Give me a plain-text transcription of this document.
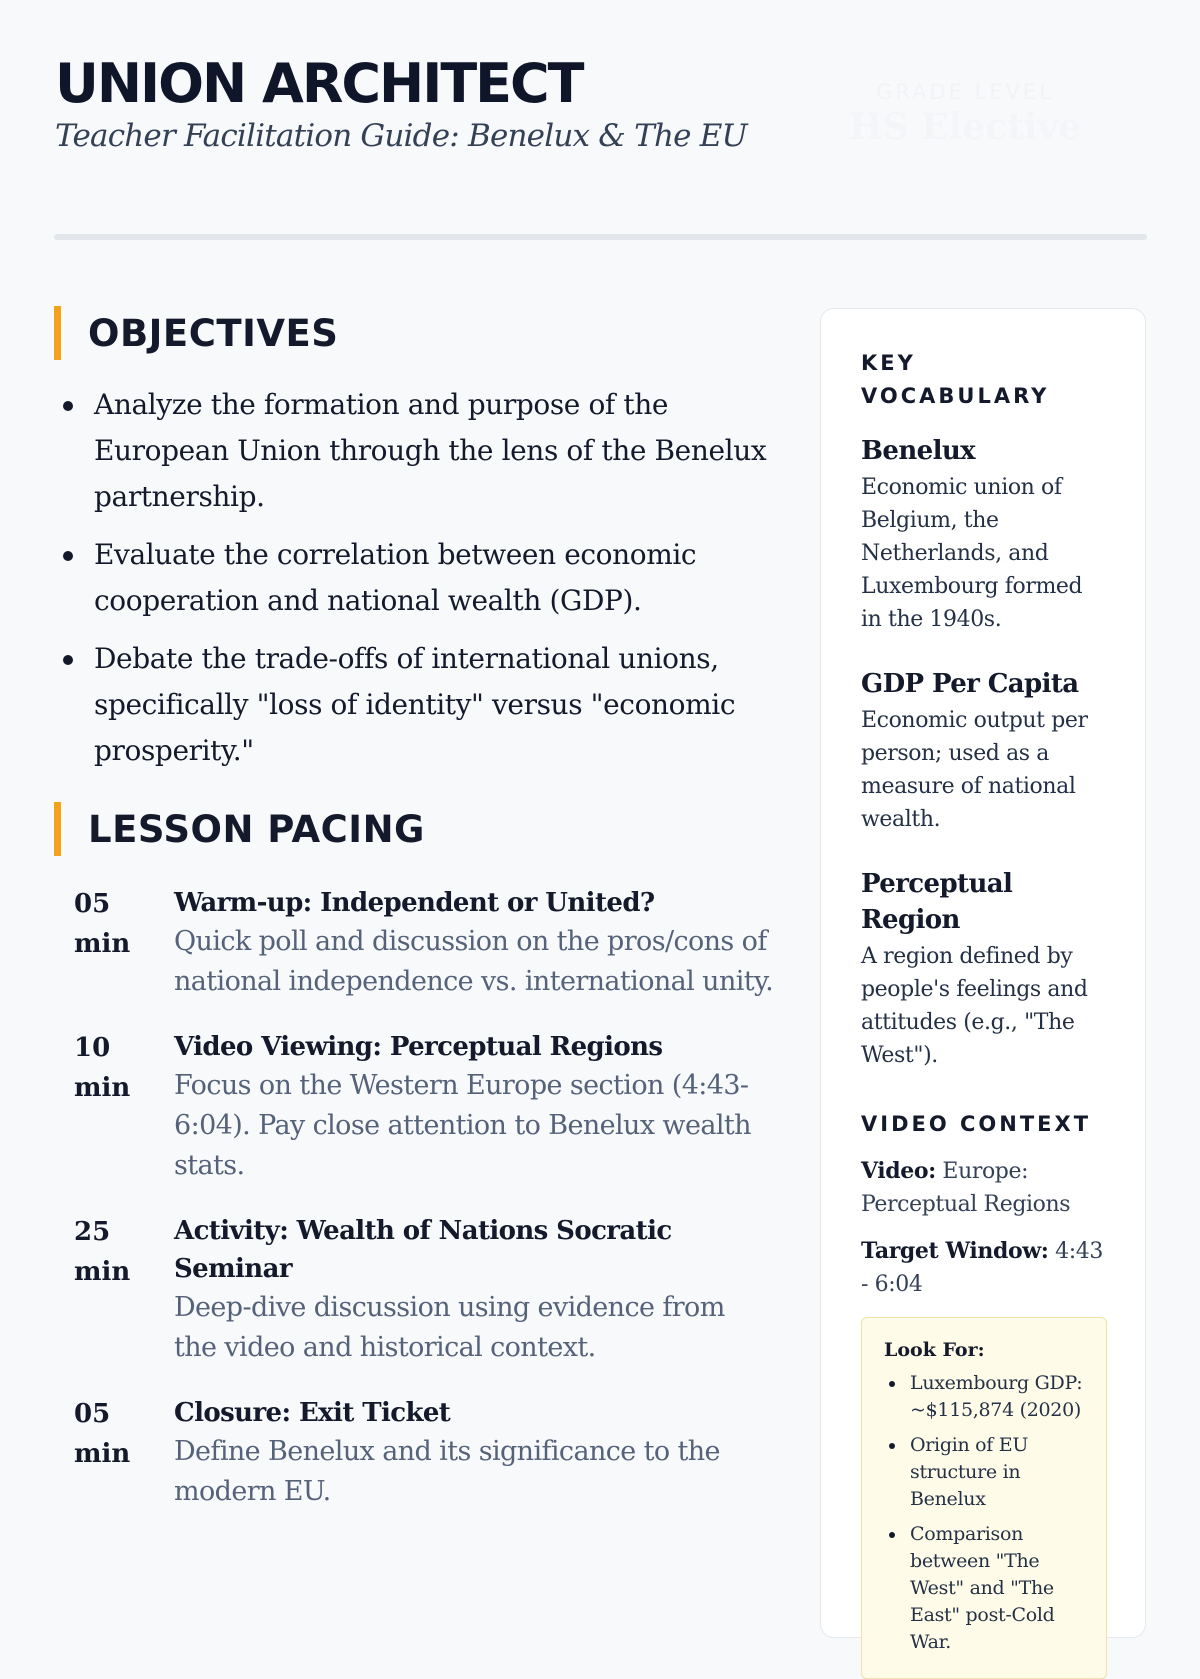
UNION ARCHITECT
Teacher Facilitation Guide: Benelux & The EU
GRADE LEVEL
HS Elective
OBJECTIVES
Analyze the formation and purpose of the European Union through the lens of the Benelux partnership.
Evaluate the correlation between economic cooperation and national wealth (GDP).
Debate the trade-offs of international unions, specifically "loss of identity" versus "economic prosperity."
LESSON PACING
05 min
Warm-up: Independent or United?
Quick poll and discussion on the pros/cons of national independence vs. international unity.
10 min
Video Viewing: Perceptual Regions
Focus on the Western Europe section (4:43-6:04). Pay close attention to Benelux wealth stats.
25 min
Activity: Wealth of Nations Socratic Seminar
Deep-dive discussion using evidence from the video and historical context.
05 min
Closure: Exit Ticket
Define Benelux and its significance to the modern EU.
KEY VOCABULARY
Benelux
Economic union of Belgium, the Netherlands, and Luxembourg formed in the 1940s.
GDP Per Capita
Economic output per person; used as a measure of national wealth.
Perceptual Region
A region defined by people's feelings and attitudes (e.g., "The West").
VIDEO CONTEXT
Video: Europe: Perceptual Regions
Target Window: 4:43 - 6:04
Look For:
Luxembourg GDP: ~$115,874 (2020)
Origin of EU structure in Benelux
Comparison between "The West" and "The East" post-Cold War.
